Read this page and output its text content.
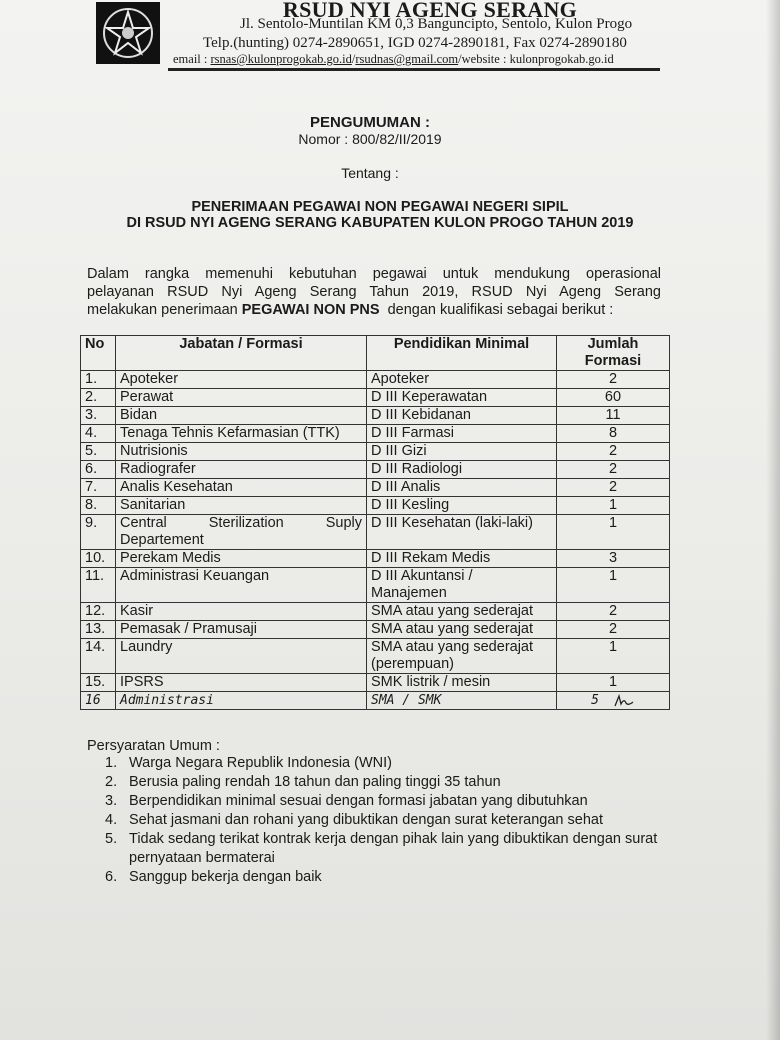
RSUD NYI AGENG SERANG
Jl. Sentolo-Muntilan KM 0,3 Banguncipto, Sentolo, Kulon Progo
Telp.(hunting) 0274-2890651, IGD 0274-2890181, Fax 0274-2890180
email : rsnas@kulonprogokab.go.id/rsudnas@gmail.com/website : kulonprogokab.go.id
PENGUMUMAN :
Nomor : 800/82/II/2019
Tentang :
PENERIMAAN PEGAWAI NON PEGAWAI NEGERI SIPIL
DI RSUD NYI AGENG SERANG KABUPATEN KULON PROGO TAHUN 2019
Dalam rangka memenuhi kebutuhan pegawai untuk mendukung operasional
pelayanan RSUD Nyi Ageng Serang Tahun 2019, RSUD Nyi Ageng Serang
melakukan penerimaan PEGAWAI NON PNS  dengan kualifikasi sebagai berikut :
No	Jabatan / Formasi	Pendidikan Minimal	Jumlah
Formasi
1.	Apoteker	Apoteker	2
2.	Perawat	D III Keperawatan	60
3.	Bidan	D III Kebidanan	11
4.	Tenaga Tehnis Kefarmasian (TTK)	D III Farmasi	8
5.	Nutrisionis	D III Gizi	2
6.	Radiografer	D III Radiologi	2
7.	Analis Kesehatan	D III Analis	2
8.	Sanitarian	D III Kesling	1
9.	Central Sterilization Suply Departement	D III Kesehatan (laki-laki)	1
10.	Perekam Medis	D III Rekam Medis	3
11.	Administrasi Keuangan	D III Akuntansi / Manajemen	1
12.	Kasir	SMA atau yang sederajat	2
13.	Pemasak / Pramusaji	SMA atau yang sederajat	2
14.	Laundry	SMA atau yang sederajat (perempuan)	1
15.	IPSRS	SMK listrik / mesin	1
16	Administrasi	SMA / SMK	5
Persyaratan Umum :
1. Warga Negara Republik Indonesia (WNI)
2. Berusia paling rendah 18 tahun dan paling tinggi 35 tahun
3. Berpendidikan minimal sesuai dengan formasi jabatan yang dibutuhkan
4. Sehat jasmani dan rohani yang dibuktikan dengan surat keterangan sehat
5. Tidak sedang terikat kontrak kerja dengan pihak lain yang dibuktikan dengan surat pernyataan bermaterai
6. Sanggup bekerja dengan baik
